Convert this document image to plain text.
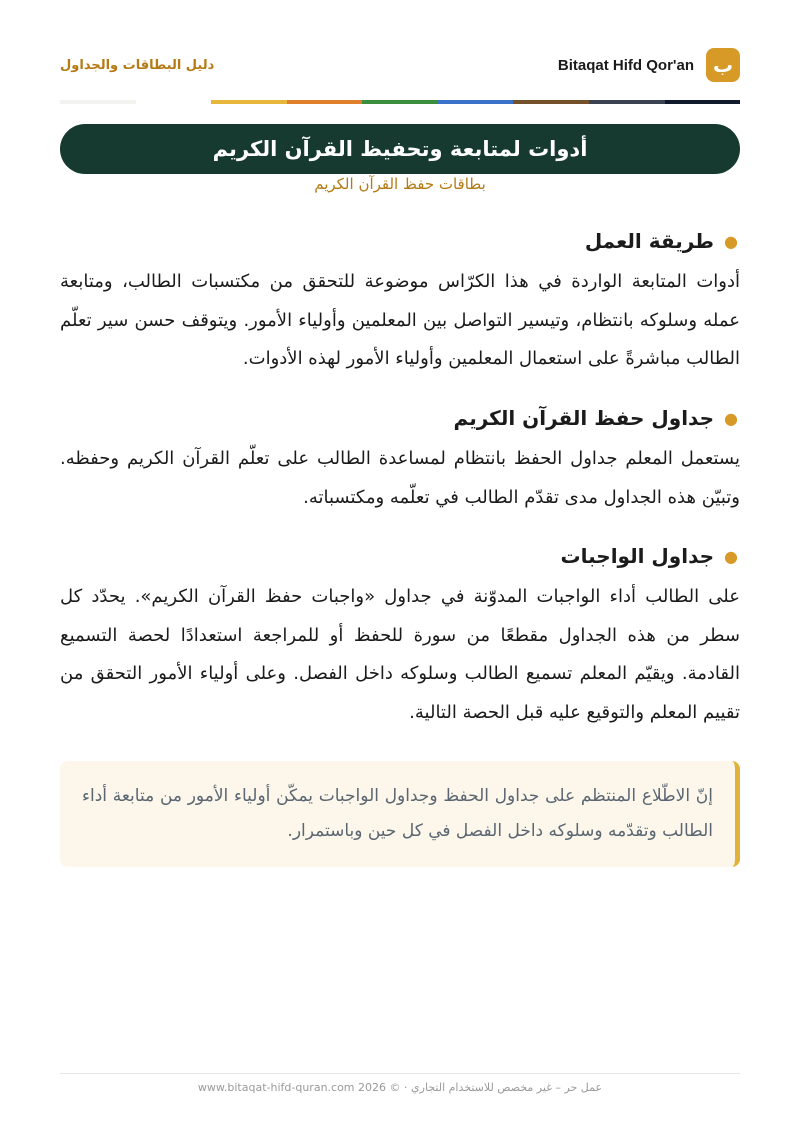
Bitaqat Hifd Qor'an ب
دليل البطاقات والجداول
أدوات لمتابعة وتحفيظ القرآن الكريم
بطاقات حفظ القرآن الكريم
●
طريقة العمل

أدوات المتابعة الواردة في هذا الكرّاس موضوعة للتحقق من مكتسبات الطالب، ومتابعة عمله وسلوكه بانتظام، وتيسير التواصل بين المعلمين وأولياء الأمور. ويتوقف حسن سير تعلّم الطالب مباشرةً على استعمال المعلمين وأولياء الأمور لهذه الأدوات.

●
جداول حفظ القرآن الكريم

يستعمل المعلم جداول الحفظ بانتظام لمساعدة الطالب على تعلّم القرآن الكريم وحفظه. وتبيّن هذه الجداول مدى تقدّم الطالب في تعلّمه ومكتسباته.

●
جداول الواجبات

على الطالب أداء الواجبات المدوّنة في جداول «واجبات حفظ القرآن الكريم». يحدّد كل سطر من هذه الجداول مقطعًا من سورة للحفظ أو للمراجعة استعدادًا لحصة التسميع القادمة. ويقيّم المعلم تسميع الطالب وسلوكه داخل الفصل. وعلى أولياء الأمور التحقق من تقييم المعلم والتوقيع عليه قبل الحصة التالية.

إنّ الاطّلاع المنتظم على جداول الحفظ وجداول الواجبات يمكّن أولياء الأمور من متابعة أداء الطالب وتقدّمه وسلوكه داخل الفصل في كل حين وباستمرار.

عمل حر – غير مخصص للاستخدام التجاري · © 2026 www.bitaqat-hifd-quran.com
